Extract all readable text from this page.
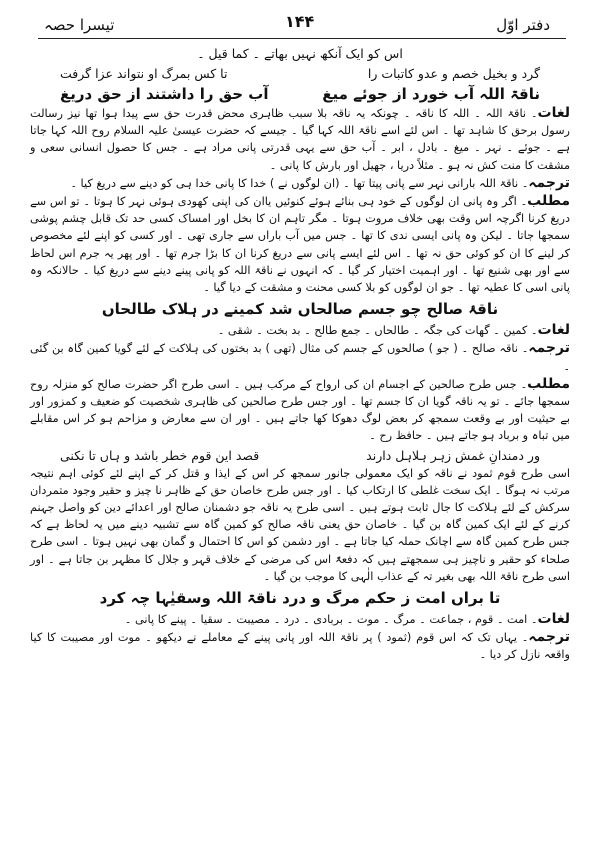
دفتر اوّل
۱۴۴
تیسرا حصہ
اس کو ایک آنکھ نہیں بھاتے ۔ کما قیل ۔
گرد و بخیل خصم و عدو کاتبات را
تا کس بمرگ او نتواند عزا گرفت
ناقۃ اللہ آب خورد از جوئے میغ
آب حق را داشتند از حق دریغ

لغات۔ ناقۃ اللہ ۔ اللہ کا ناقہ ۔ چونکہ یہ ناقہ بلا سبب ظاہری محض قدرت حق سے پیدا ہوا تھا نیز رسالت رسول برحق کا شاہد تھا ۔ اس لئے اسے ناقۃ اللہ کہا گیا ۔ جیسے کہ حضرت عیسیٰ علیہ السلام روح اللہ کہا جاتا ہے ۔ جوئے ۔ نہر ۔ میغ ۔ بادل ، ابر ۔ آب حق سے یہی قدرتی پانی مراد ہے ۔ جس کا حصول انسانی سعی و مشقت کا منت کش نہ ہو ۔ مثلاً دریا ، جھیل اور بارش کا پانی ۔

ترجمہ۔ ناقۃ اللہ بارانی نہر سے پانی پیتا تھا ۔ (ان لوگوں نے ) خدا کا پانی خدا ہی کو دینے سے دریغ کیا ۔

مطلب۔ اگر وہ پانی ان لوگوں کے خود ہی بنائے ہوئے کنوئیں یاان کی اپنی کھودی ہوئی نہر کا ہوتا ۔ تو اس سے دریغ کرنا اگرچہ اس وقت بھی خلاف مروت ہوتا ۔ مگر تاہم ان کا بخل اور امساک کسی حد تک قابل چشم پوشی سمجھا جاتا ۔ لیکن وہ پانی ایسی ندی کا تھا ۔ جس میں آب باراں سے جاری تھی ۔ اور کسی کو اپنے لئے مخصوص کر لینے کا ان کو کوئی حق نہ تھا ۔ اس لئے ایسے پانی سے دریغ کرنا ان کا بڑا جرم تھا ۔ اور پھر یہ جرم اس لحاظ سے اور بھی شنیع تھا ۔ اور اہمیت اختیار کر گیا ۔ کہ انہوں نے ناقۃ اللہ کو پانی پینے دینے سے دریغ کیا ۔ حالانکہ وہ پانی اسی کا عطیہ تھا ۔ جو ان لوگوں کو بلا کسی محنت و مشقت کے دیا گیا ۔

ناقۂ صالح چو جسم صالحاں شد کمینے در ہلاک طالحاں

لغات۔ کمین ۔ گھات کی جگہ ۔ طالحاں ۔ جمع طالح ۔ بد بخت ۔ شقی ۔

ترجمہ۔ ناقہ صالح ۔ ( جو ) صالحوں کے جسم کی مثال (تھی ) بد بختوں کی ہلاکت کے لئے گویا کمین گاہ بن گئی ۔

مطلب۔ جس طرح صالحین کے اجسام ان کی ارواح کے مرکب ہیں ۔ اسی طرح اگر حضرت صالح کو منزلہ روح سمجھا جائے ۔ تو یہ ناقہ گویا ان کا جسم تھا ۔ اور جس طرح صالحین کی ظاہری شخصیت کو ضعیف و کمزور اور بے حیثیت اور بے وقعت سمجھ کر بعض لوگ دھوکا کھا جاتے ہیں ۔ اور ان سے معارض و مزاحم ہو کر اس مقابلے میں تباہ و برباد ہو جاتے ہیں ۔ حافظ رح ۔

ور دمندانِ غمش زہر ہلاہل دارند
قصد این قوم خطر باشد و ہاں تا نکنی

اسی طرح قوم ثمود نے ناقہ کو ایک معمولی جانور سمجھ کر اس کے ایذا و قتل کر کے اپنے لئے کوئی اہم نتیجہ مرتب نہ ہوگا ۔ ایک سخت غلطی کا ارتکاب کیا ۔ اور جس طرح خاصان حق کے ظاہر نا چیز و حقیر وجود متمردان سرکش کے لئے ہلاکت کا جال ثابت ہوتے ہیں ۔ اسی طرح یہ ناقہ جو دشمنان صالح اور اعدائے دین کو واصل جہنم کرنے کے لئے ایک کمین گاہ بن گیا ۔ خاصان حق یعنی ناقہ صالح کو کمین گاہ سے تشبیہ دینے میں یہ لحاظ ہے کہ جس طرح کمین گاہ سے اچانک حملہ کیا جاتا ہے ۔ اور دشمن کو اس کا احتمال و گمان بھی نہیں ہوتا ۔ اسی طرح صلحاء کو حقیر و ناچیز ہی سمجھتے ہیں کہ دفعۃً اس کی مرضی کے خلاف قہر و جلال کا مظہر بن جاتا ہے ۔ اور اسی طرح ناقۃ اللہ بھی بغیر تہ کے عذاب الٰہی کا موجب بن گیا ۔

تا براں امت ز حکم مرگ و درد ناقۃ اللہ وسقیٰہا چہ کرد

لغات۔ امت ۔ قوم ، جماعت ۔ مرگ ۔ موت ۔ بربادی ۔ درد ۔ مصیبت ۔ سقیا ۔ پینے کا پانی ۔

ترجمہ۔ یہاں تک کہ اس قوم (ثمود ) پر ناقۃ اللہ اور پانی پینے کے معاملے نے دیکھو ۔ موت اور مصیبت کا کیا واقعہ نازل کر دیا ۔
